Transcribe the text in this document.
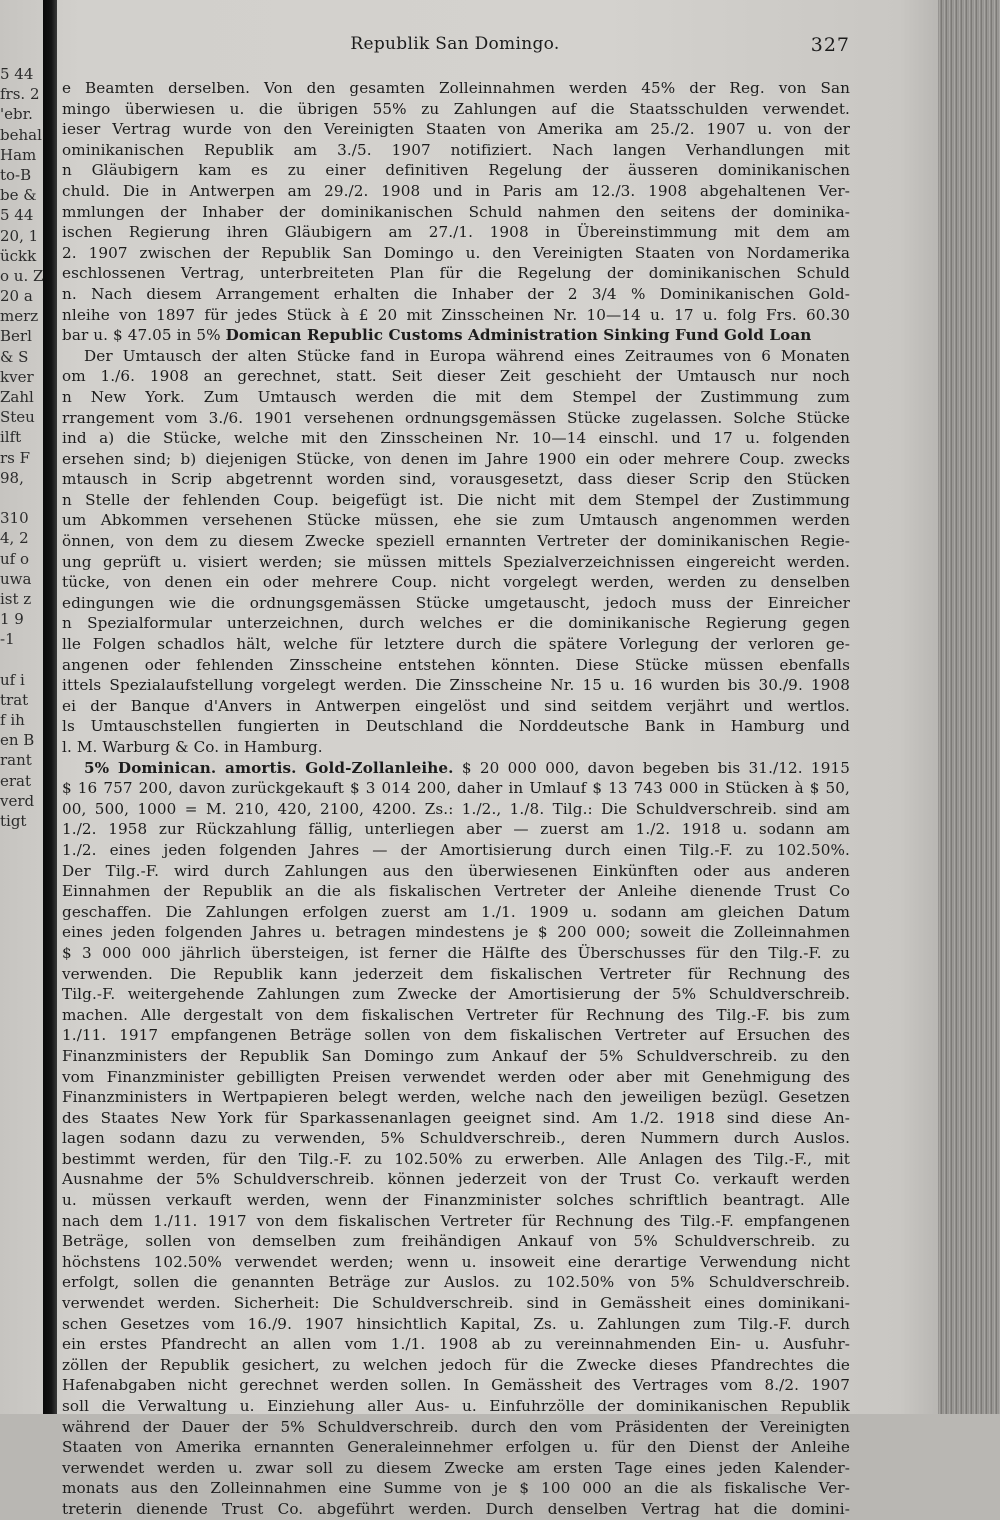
5 44
frs. 2
'ebr.
behal
Ham
to-B
be &
5 44
20, 1
ückk
o u. Z
20 a
merz
Berl
& S
kver
Zahl
Steu
ilft
rs F
98,
310
4, 2
uf o
uwa
ist z
1 9
-1
uf i
trat
f ih
en B
rant
erat
verd
tigt
Republik San Domingo.	327
e Beamten derselben. Von den gesamten Zolleinnahmen werden 45% der Reg. von San
mingo überwiesen u. die übrigen 55% zu Zahlungen auf die Staatsschulden verwendet.
ieser Vertrag wurde von den Vereinigten Staaten von Amerika am 25./2. 1907 u. von der
ominikanischen Republik am 3./5. 1907 notifiziert. Nach langen Verhandlungen mit
n Gläubigern kam es zu einer definitiven Regelung der äusseren dominikanischen
chuld. Die in Antwerpen am 29./2. 1908 und in Paris am 12./3. 1908 abgehaltenen Ver-
mmlungen der Inhaber der dominikanischen Schuld nahmen den seitens der dominika-
ischen Regierung ihren Gläubigern am 27./1. 1908 in Übereinstimmung mit dem am
2. 1907 zwischen der Republik San Domingo u. den Vereinigten Staaten von Nordamerika
eschlossenen Vertrag, unterbreiteten Plan für die Regelung der dominikanischen Schuld
n. Nach diesem Arrangement erhalten die Inhaber der 2 3/4 % Dominikanischen Gold-
nleihe von 1897 für jedes Stück à £ 20 mit Zinsscheinen Nr. 10—14 u. 17 u. folg Frs. 60.30
bar u. $ 47.05 in 5% Domican Republic Customs Administration Sinking Fund Gold Loan
Der Umtausch der alten Stücke fand in Europa während eines Zeitraumes von 6 Monaten
om 1./6. 1908 an gerechnet, statt. Seit dieser Zeit geschieht der Umtausch nur noch
n New York. Zum Umtausch werden die mit dem Stempel der Zustimmung zum
rrangement vom 3./6. 1901 versehenen ordnungsgemässen Stücke zugelassen. Solche Stücke
ind a) die Stücke, welche mit den Zinsscheinen Nr. 10—14 einschl. und 17 u. folgenden
ersehen sind; b) diejenigen Stücke, von denen im Jahre 1900 ein oder mehrere Coup. zwecks
mtausch in Scrip abgetrennt worden sind, vorausgesetzt, dass dieser Scrip den Stücken
n Stelle der fehlenden Coup. beigefügt ist. Die nicht mit dem Stempel der Zustimmung
um Abkommen versehenen Stücke müssen, ehe sie zum Umtausch angenommen werden
önnen, von dem zu diesem Zwecke speziell ernannten Vertreter der dominikanischen Regie-
ung geprüft u. visiert werden; sie müssen mittels Spezialverzeichnissen eingereicht werden.
tücke, von denen ein oder mehrere Coup. nicht vorgelegt werden, werden zu denselben
edingungen wie die ordnungsgemässen Stücke umgetauscht, jedoch muss der Einreicher
n Spezialformular unterzeichnen, durch welches er die dominikanische Regierung gegen
lle Folgen schadlos hält, welche für letztere durch die spätere Vorlegung der verloren ge-
angenen oder fehlenden Zinsscheine entstehen könnten. Diese Stücke müssen ebenfalls
ittels Spezialaufstellung vorgelegt werden. Die Zinsscheine Nr. 15 u. 16 wurden bis 30./9. 1908
ei der Banque d'Anvers in Antwerpen eingelöst und sind seitdem verjährt und wertlos.
ls Umtauschstellen fungierten in Deutschland die Norddeutsche Bank in Hamburg und
l. M. Warburg & Co. in Hamburg.
5% Dominican. amortis. Gold-Zollanleihe. $ 20 000 000, davon begeben bis 31./12. 1915
$ 16 757 200, davon zurückgekauft $ 3 014 200, daher in Umlauf $ 13 743 000 in Stücken à $ 50,
00, 500, 1000 = M. 210, 420, 2100, 4200. Zs.: 1./2., 1./8. Tilg.: Die Schuldverschreib. sind am
1./2. 1958 zur Rückzahlung fällig, unterliegen aber — zuerst am 1./2. 1918 u. sodann am
1./2. eines jeden folgenden Jahres — der Amortisierung durch einen Tilg.-F. zu 102.50%.
Der Tilg.-F. wird durch Zahlungen aus den überwiesenen Einkünften oder aus anderen
Einnahmen der Republik an die als fiskalischen Vertreter der Anleihe dienende Trust Co
geschaffen. Die Zahlungen erfolgen zuerst am 1./1. 1909 u. sodann am gleichen Datum
eines jeden folgenden Jahres u. betragen mindestens je $ 200 000; soweit die Zolleinnahmen
$ 3 000 000 jährlich übersteigen, ist ferner die Hälfte des Überschusses für den Tilg.-F. zu
verwenden. Die Republik kann jederzeit dem fiskalischen Vertreter für Rechnung des
Tilg.-F. weitergehende Zahlungen zum Zwecke der Amortisierung der 5% Schuldverschreib.
machen. Alle dergestalt von dem fiskalischen Vertreter für Rechnung des Tilg.-F. bis zum
1./11. 1917 empfangenen Beträge sollen von dem fiskalischen Vertreter auf Ersuchen des
Finanzministers der Republik San Domingo zum Ankauf der 5% Schuldverschreib. zu den
vom Finanzminister gebilligten Preisen verwendet werden oder aber mit Genehmigung des
Finanzministers in Wertpapieren belegt werden, welche nach den jeweiligen bezügl. Gesetzen
des Staates New York für Sparkassenanlagen geeignet sind. Am 1./2. 1918 sind diese An-
lagen sodann dazu zu verwenden, 5% Schuldverschreib., deren Nummern durch Auslos.
bestimmt werden, für den Tilg.-F. zu 102.50% zu erwerben. Alle Anlagen des Tilg.-F., mit
Ausnahme der 5% Schuldverschreib. können jederzeit von der Trust Co. verkauft werden
u. müssen verkauft werden, wenn der Finanzminister solches schriftlich beantragt. Alle
nach dem 1./11. 1917 von dem fiskalischen Vertreter für Rechnung des Tilg.-F. empfangenen
Beträge, sollen von demselben zum freihändigen Ankauf von 5% Schuldverschreib. zu
höchstens 102.50% verwendet werden; wenn u. insoweit eine derartige Verwendung nicht
erfolgt, sollen die genannten Beträge zur Auslos. zu 102.50% von 5% Schuldverschreib.
verwendet werden. Sicherheit: Die Schuldverschreib. sind in Gemässheit eines dominikani-
schen Gesetzes vom 16./9. 1907 hinsichtlich Kapital, Zs. u. Zahlungen zum Tilg.-F. durch
ein erstes Pfandrecht an allen vom 1./1. 1908 ab zu vereinnahmenden Ein- u. Ausfuhr-
zöllen der Republik gesichert, zu welchen jedoch für die Zwecke dieses Pfandrechtes die
Hafenabgaben nicht gerechnet werden sollen. In Gemässheit des Vertrages vom 8./2. 1907
soll die Verwaltung u. Einziehung aller Aus- u. Einfuhrzölle der dominikanischen Republik
während der Dauer der 5% Schuldverschreib. durch den vom Präsidenten der Vereinigten
Staaten von Amerika ernannten Generaleinnehmer erfolgen u. für den Dienst der Anleihe
verwendet werden u. zwar soll zu diesem Zwecke am ersten Tage eines jeden Kalender-
monats aus den Zolleinnahmen eine Summe von je $ 100 000 an die als fiskalische Ver-
treterin dienende Trust Co. abgeführt werden. Durch denselben Vertrag hat die domini-
